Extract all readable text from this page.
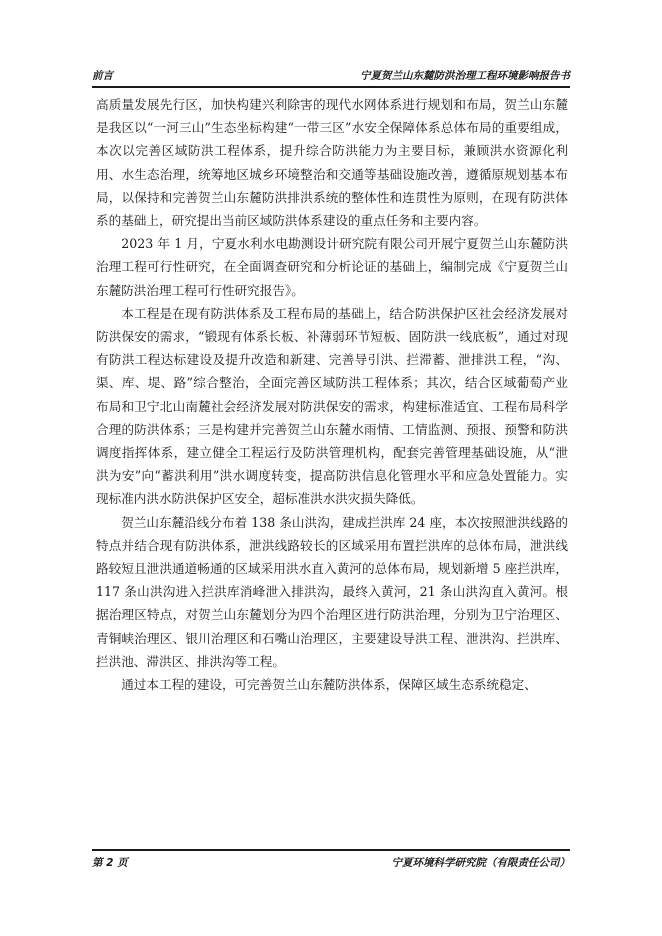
前言	宁夏贺兰山东麓防洪治理工程环境影响报告书

高质量发展先行区，加快构建兴利除害的现代水网体系进行规划和布局，贺兰山东麓是我区以“一河三山”生态坐标构建“一带三区”水安全保障体系总体布局的重要组成，本次以完善区域防洪工程体系，提升综合防洪能力为主要目标，兼顾洪水资源化利用、水生态治理，统筹地区城乡环境整治和交通等基础设施改善，遵循原规划基本布局，以保持和完善贺兰山东麓防洪排洪系统的整体性和连贯性为原则，在现有防洪体系的基础上，研究提出当前区域防洪体系建设的重点任务和主要内容。

2023 年 1 月，宁夏水利水电勘测设计研究院有限公司开展宁夏贺兰山东麓防洪治理工程可行性研究，在全面调查研究和分析论证的基础上，编制完成《宁夏贺兰山东麓防洪治理工程可行性研究报告》。

本工程是在现有防洪体系及工程布局的基础上，结合防洪保护区社会经济发展对防洪保安的需求，“锻现有体系长板、补薄弱环节短板、固防洪一线底板”，通过对现有防洪工程达标建设及提升改造和新建、完善导引洪、拦滞蓄、泄排洪工程，“沟、渠、库、堤、路”综合整治，全面完善区域防洪工程体系；其次，结合区域葡萄产业布局和卫宁北山南麓社会经济发展对防洪保安的需求，构建标准适宜、工程布局科学合理的防洪体系；三是构建并完善贺兰山东麓水雨情、工情监测、预报、预警和防洪调度指挥体系，建立健全工程运行及防洪管理机构，配套完善管理基础设施，从“泄洪为安”向“蓄洪利用”洪水调度转变，提高防洪信息化管理水平和应急处置能力。实现标准内洪水防洪保护区安全，超标准洪水洪灾损失降低。

贺兰山东麓沿线分布着 138 条山洪沟，建成拦洪库 24 座，本次按照泄洪线路的特点并结合现有防洪体系，泄洪线路较长的区域采用布置拦洪库的总体布局，泄洪线路较短且泄洪通道畅通的区域采用洪水直入黄河的总体布局，规划新增 5 座拦洪库，117 条山洪沟进入拦洪库消峰泄入排洪沟，最终入黄河，21 条山洪沟直入黄河。根据治理区特点，对贺兰山东麓划分为四个治理区进行防洪治理，分别为卫宁治理区、青铜峡治理区、银川治理区和石嘴山治理区，主要建设导洪工程、泄洪沟、拦洪库、拦洪池、滞洪区、排洪沟等工程。

通过本工程的建设，可完善贺兰山东麓防洪体系，保障区域生态系统稳定、

第 2 页	宁夏环境科学研究院（有限责任公司）
